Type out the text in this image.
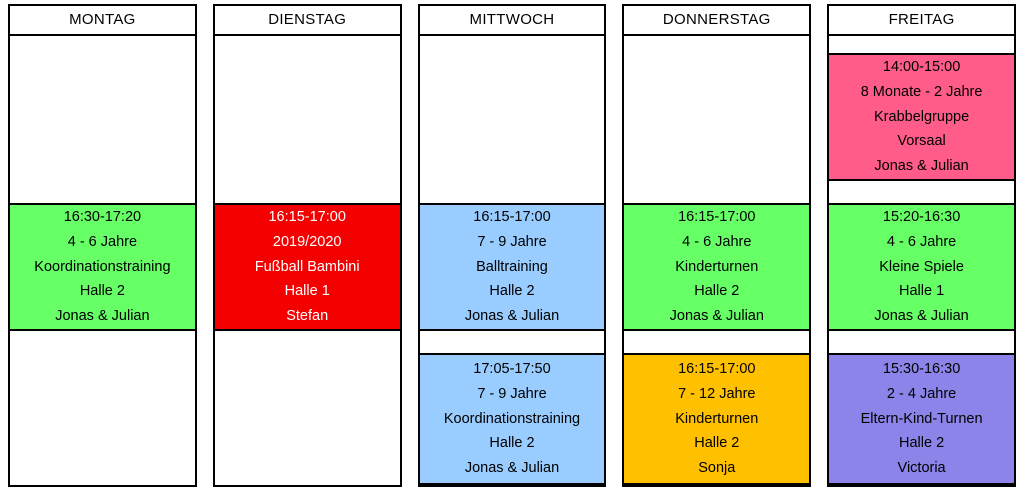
MONTAG
16:30-17:20
4 - 6 Jahre
Koordinationstraining
Halle 2
Jonas & Julian
DIENSTAG
16:15-17:00
2019/2020
Fußball Bambini
Halle 1
Stefan
MITTWOCH
16:15-17:00
7 - 9 Jahre
Balltraining
Halle 2
Jonas & Julian
17:05-17:50
7 - 9 Jahre
Koordinationstraining
Halle 2
Jonas & Julian
DONNERSTAG
16:15-17:00
4 - 6 Jahre
Kinderturnen
Halle 2
Jonas & Julian
16:15-17:00
7 - 12 Jahre
Kinderturnen
Halle 2
Sonja
FREITAG
14:00-15:00
8 Monate - 2 Jahre
Krabbelgruppe
Vorsaal
Jonas & Julian
15:20-16:30
4 - 6 Jahre
Kleine Spiele
Halle 1
Jonas & Julian
15:30-16:30
2 - 4 Jahre
Eltern-Kind-Turnen
Halle 2
Victoria
